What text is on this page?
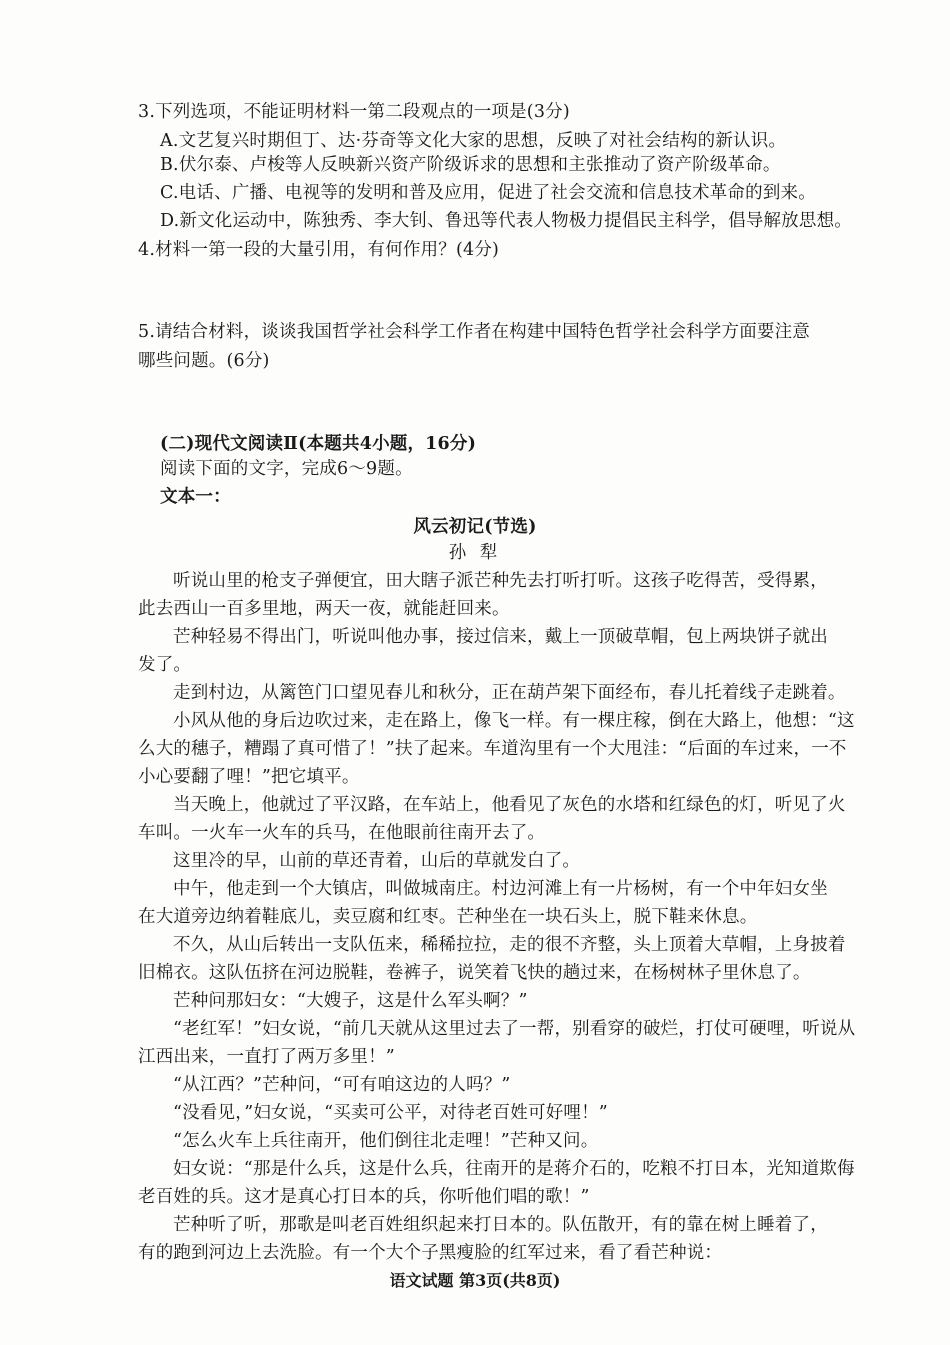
3.下列选项，不能证明材料一第二段观点的一项是(3分)
A.文艺复兴时期但丁、达·芬奇等文化大家的思想，反映了对社会结构的新认识。
B.伏尔泰、卢梭等人反映新兴资产阶级诉求的思想和主张推动了资产阶级革命。
C.电话、广播、电视等的发明和普及应用，促进了社会交流和信息技术革命的到来。
D.新文化运动中，陈独秀、李大钊、鲁迅等代表人物极力提倡民主科学，倡导解放思想。
4.材料一第一段的大量引用，有何作用？(4分)
5.请结合材料，谈谈我国哲学社会科学工作者在构建中国特色哲学社会科学方面要注意
哪些问题。(6分)
(二)现代文阅读Ⅱ(本题共4小题，16分)
阅读下面的文字，完成6～9题。
文本一：
风云初记(节选)
孙 犁
听说山里的枪支子弹便宜，田大瞎子派芒种先去打听打听。这孩子吃得苦，受得累，
此去西山一百多里地，两天一夜，就能赶回来。
芒种轻易不得出门，听说叫他办事，接过信来，戴上一顶破草帽，包上两块饼子就出
发了。
走到村边，从篱笆门口望见春儿和秋分，正在葫芦架下面经布，春儿托着线子走跳着。
小风从他的身后边吹过来，走在路上，像飞一样。有一棵庄稼，倒在大路上，他想：“这
么大的穗子，糟蹋了真可惜了！”扶了起来。车道沟里有一个大甩洼：“后面的车过来，一不
小心要翻了哩！”把它填平。
当天晚上，他就过了平汉路，在车站上，他看见了灰色的水塔和红绿色的灯，听见了火
车叫。一火车一火车的兵马，在他眼前往南开去了。
这里冷的早，山前的草还青着，山后的草就发白了。
中午，他走到一个大镇店，叫做城南庄。村边河滩上有一片杨树，有一个中年妇女坐
在大道旁边纳着鞋底儿，卖豆腐和红枣。芒种坐在一块石头上，脱下鞋来休息。
不久，从山后转出一支队伍来，稀稀拉拉，走的很不齐整，头上顶着大草帽，上身披着
旧棉衣。这队伍挤在河边脱鞋，卷裤子，说笑着飞快的趟过来，在杨树林子里休息了。
芒种问那妇女：“大嫂子，这是什么军头啊？”
“老红军！”妇女说，“前几天就从这里过去了一帮，别看穿的破烂，打仗可硬哩，听说从
江西出来，一直打了两万多里！”
“从江西？”芒种问，“可有咱这边的人吗？”
“没看见，”妇女说，“买卖可公平，对待老百姓可好哩！”
“怎么火车上兵往南开，他们倒往北走哩！”芒种又问。
妇女说：“那是什么兵，这是什么兵，往南开的是蒋介石的，吃粮不打日本，光知道欺侮
老百姓的兵。这才是真心打日本的兵，你听他们唱的歌！”
芒种听了听，那歌是叫老百姓组织起来打日本的。队伍散开，有的靠在树上睡着了，
有的跑到河边上去洗脸。有一个大个子黑瘦脸的红军过来，看了看芒种说：
语文试题 第3页(共8页)
